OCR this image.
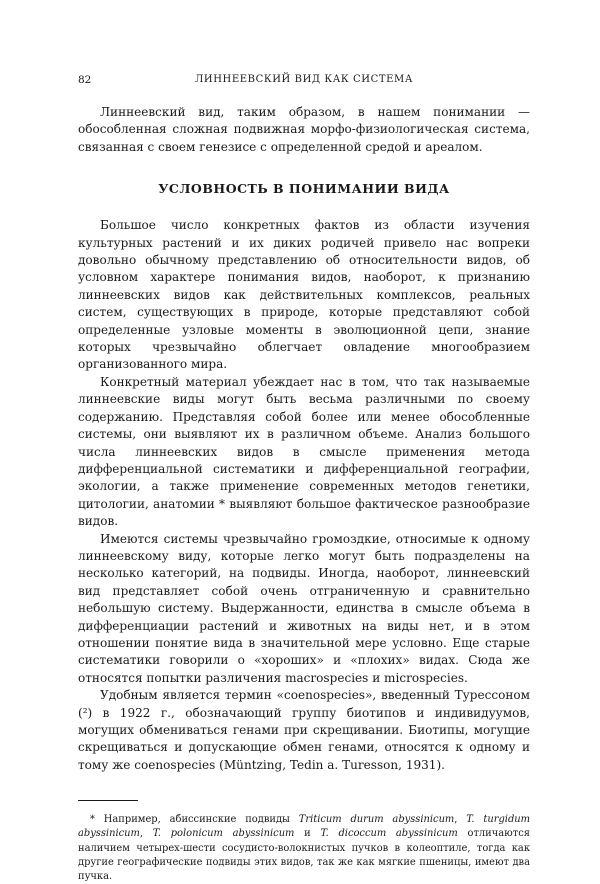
82	ЛИННЕЕВСКИЙ ВИД КАК СИСТЕМА

Линнеевский вид, таким образом, в нашем понимании — обособленная сложная подвижная морфо-физиологическая система, связанная с своем генезисе с определенной средой и ареалом.

УСЛОВНОСТЬ В ПОНИМАНИИ ВИДА

Большое число конкретных фактов из области изучения культурных растений и их диких родичей привело нас вопреки довольно обычному представлению об относительности видов, об условном характере понимания видов, наоборот, к признанию линнеевских видов как действительных комплексов, реальных систем, существующих в природе, которые представляют собой определенные узловые моменты в эволюционной цепи, знание которых чрезвычайно облегчает овладение многообразием организованного мира.

Конкретный материал убеждает нас в том, что так называемые линнеевские виды могут быть весьма различными по своему содержанию. Представляя собой более или менее обособленные системы, они выявляют их в различном объеме. Анализ большого числа линнеевских видов в смысле применения метода дифференциальной систематики и дифференциальной географии, экологии, а также применение современных методов генетики, цитологии, анатомии * выявляют большое фактическое разнообразие видов.

Имеются системы чрезвычайно громоздкие, относимые к одному линнеевскому виду, которые легко могут быть подразделены на несколько категорий, на подвиды. Иногда, наоборот, линнеевский вид представляет собой очень отграниченную и сравнительно небольшую систему. Выдержанности, единства в смысле объема в дифференциации растений и животных на виды нет, и в этом отношении понятие вида в значительной мере условно. Еще старые систематики говорили о «хороших» и «плохих» видах. Сюда же относятся попытки различения macrospecies и microspecies.

Удобным является термин «coenospecies», введенный Турессоном (²) в 1922 г., обозначающий группу биотипов и индивидуумов, могущих обмениваться генами при скрещивании. Биотипы, могущие скрещиваться и допускающие обмен генами, относятся к одному и тому же coenospecies (Müntzing, Tedin a. Turesson, 1931).

* Например, абиссинские подвиды Triticum durum abyssinicum, T. turgidum abyssinicum, T. polonicum abyssinicum и T. dicoccum abyssinicum отличаются наличием четырех-шести сосудисто-волокнистых пучков в колеоптиле, тогда как другие географические подвиды этих видов, так же как мягкие пшеницы, имеют два пучка.
